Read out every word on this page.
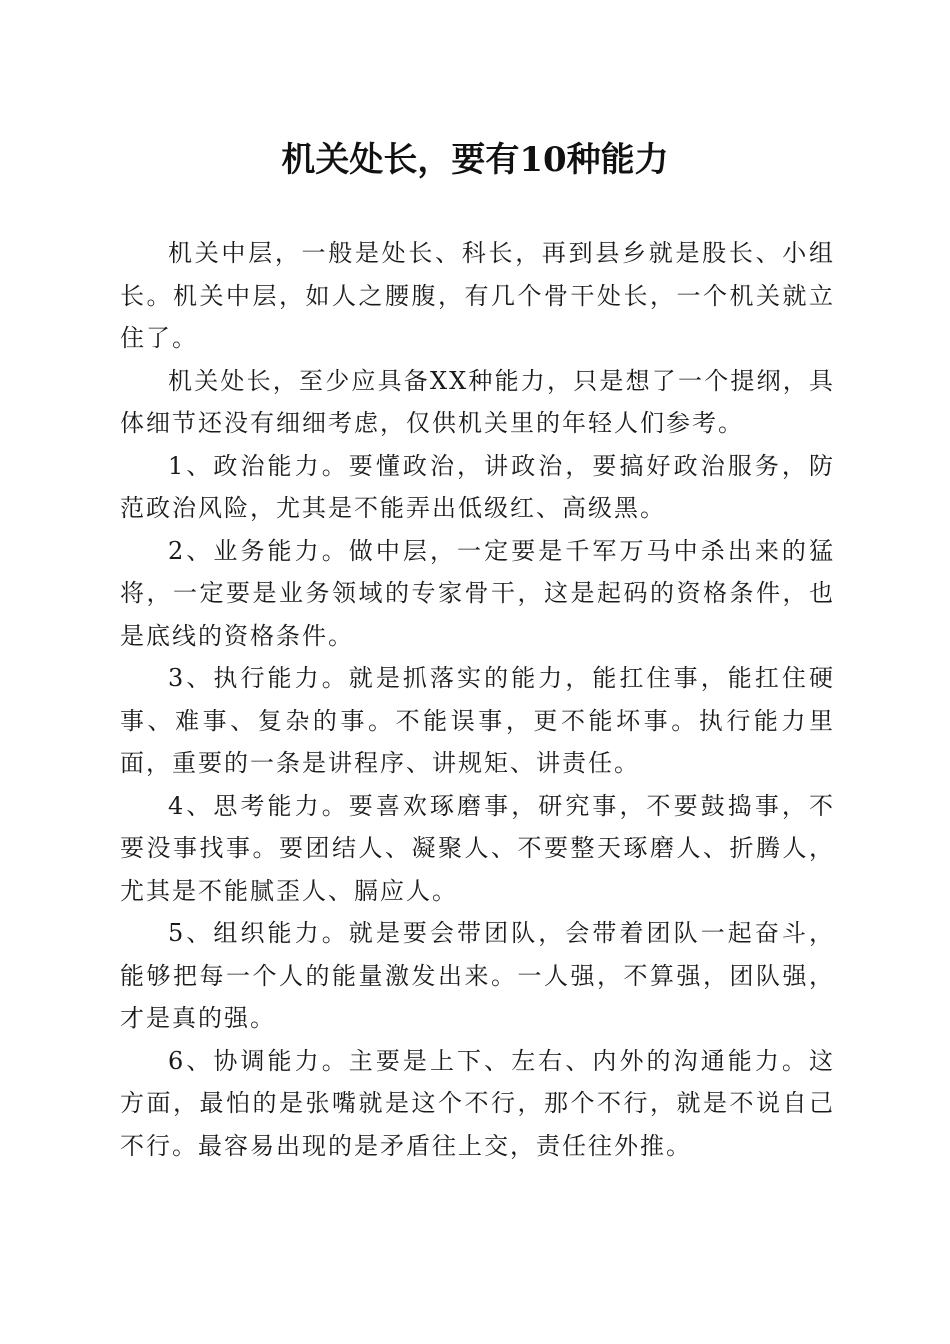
机关处长，要有10种能力

机关中层，一般是处长、科长，再到县乡就是股长、小组长。机关中层，如人之腰腹，有几个骨干处长，一个机关就立住了。

机关处长，至少应具备XX种能力，只是想了一个提纲，具体细节还没有细细考虑，仅供机关里的年轻人们参考。

1、政治能力。要懂政治，讲政治，要搞好政治服务，防范政治风险，尤其是不能弄出低级红、高级黑。

2、业务能力。做中层，一定要是千军万马中杀出来的猛将，一定要是业务领域的专家骨干，这是起码的资格条件，也是底线的资格条件。

3、执行能力。就是抓落实的能力，能扛住事，能扛住硬事、难事、复杂的事。不能误事，更不能坏事。执行能力里面，重要的一条是讲程序、讲规矩、讲责任。

4、思考能力。要喜欢琢磨事，研究事，不要鼓捣事，不要没事找事。要团结人、凝聚人、不要整天琢磨人、折腾人，尤其是不能腻歪人、膈应人。

5、组织能力。就是要会带团队，会带着团队一起奋斗，能够把每一个人的能量激发出来。一人强，不算强，团队强，才是真的强。

6、协调能力。主要是上下、左右、内外的沟通能力。这方面，最怕的是张嘴就是这个不行，那个不行，就是不说自己不行。最容易出现的是矛盾往上交，责任往外推。
